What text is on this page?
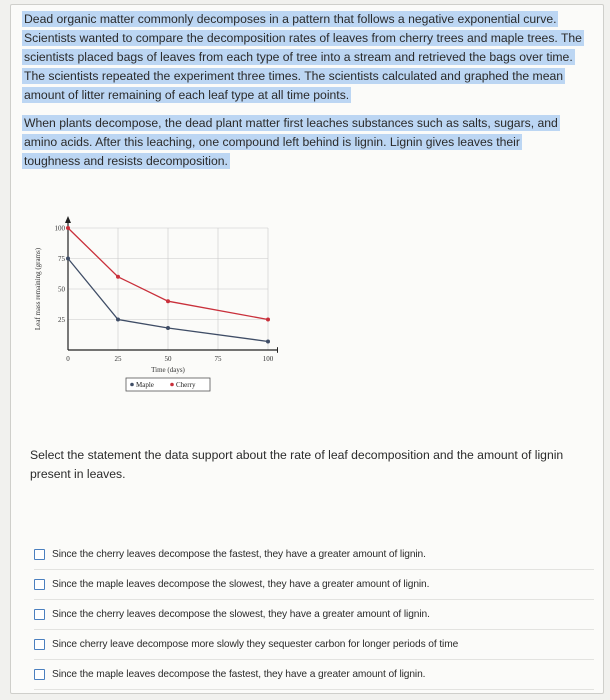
Dead organic matter commonly decomposes in a pattern that follows a negative exponential curve. Scientists wanted to compare the decomposition rates of leaves from cherry trees and maple trees. The scientists placed bags of leaves from each type of tree into a stream and retrieved the bags over time. The scientists repeated the experiment three times. The scientists calculated and graphed the mean amount of litter remaining of each leaf type at all time points.
When plants decompose, the dead plant matter first leaches substances such as salts, sugars, and amino acids. After this leaching, one compound left behind is lignin. Lignin gives leaves their toughness and resists decomposition.
Leaf mass remaining (grams)
Time (days)
0	25	50	75	100
25
50
75
100
Maple	Cherry
Select the statement the data support about the rate of leaf decomposition and the amount of lignin present in leaves.
Since the cherry leaves decompose the fastest, they have a greater amount of lignin.
Since the maple leaves decompose the slowest, they have a greater amount of lignin.
Since the cherry leaves decompose the slowest, they have a greater amount of lignin.
Since cherry leave decompose more slowly they sequester carbon for longer periods of time
Since the maple leaves decompose the fastest, they have a greater amount of lignin.
